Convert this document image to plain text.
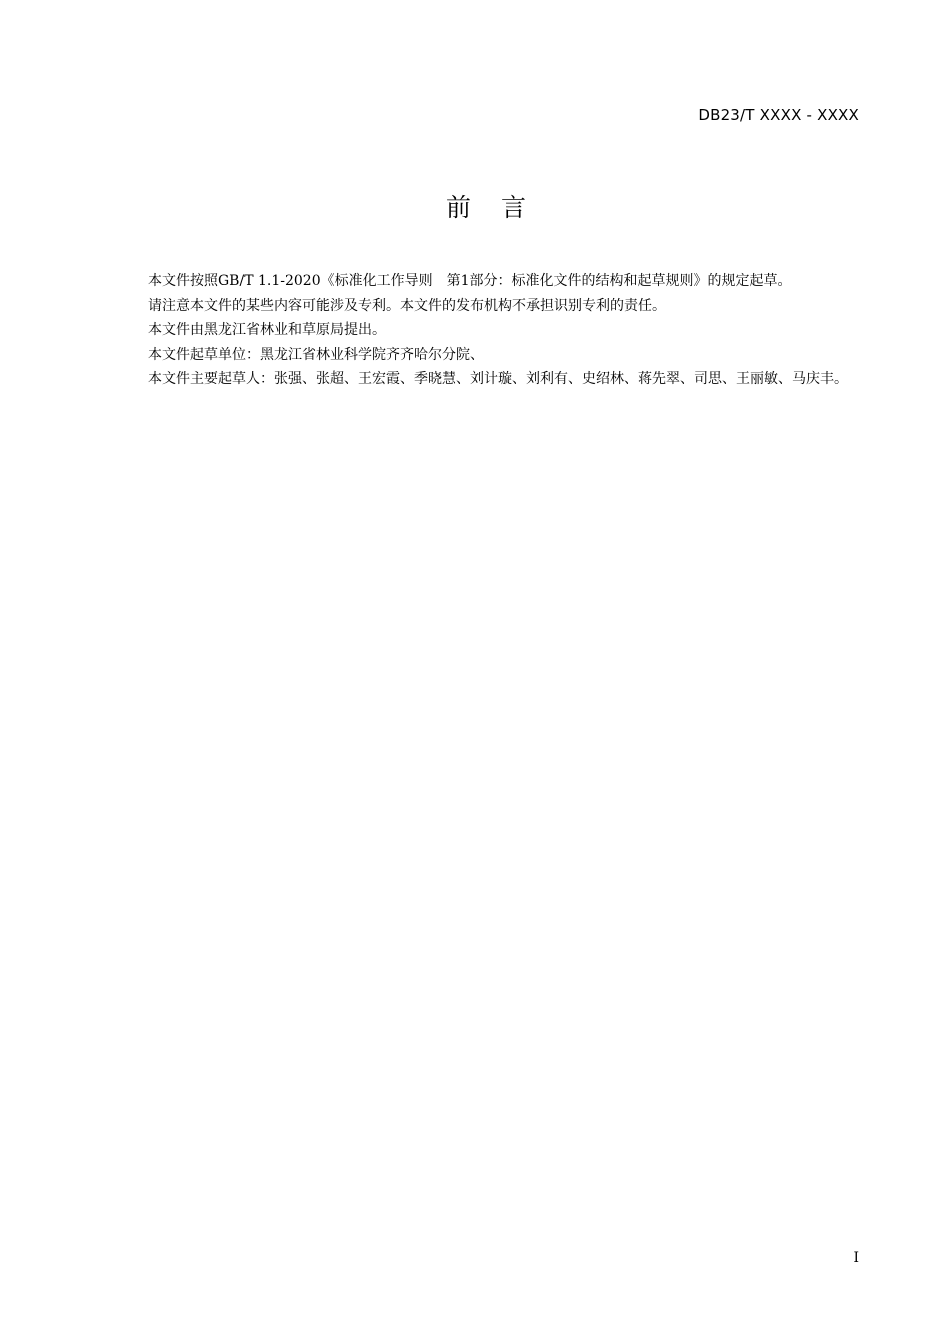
DB23/T XXXX - XXXX
前 言

本文件按照GB/T 1.1-2020《标准化工作导则　第1部分：标准化文件的结构和起草规则》的规定起草。

请注意本文件的某些内容可能涉及专利。本文件的发布机构不承担识别专利的责任。

本文件由黑龙江省林业和草原局提出。

本文件起草单位：黑龙江省林业科学院齐齐哈尔分院、

本文件主要起草人：张强、张超、王宏霞、季晓慧、刘计璇、刘利有、史绍林、蒋先翠、司思、王丽敏、马庆丰。

I
